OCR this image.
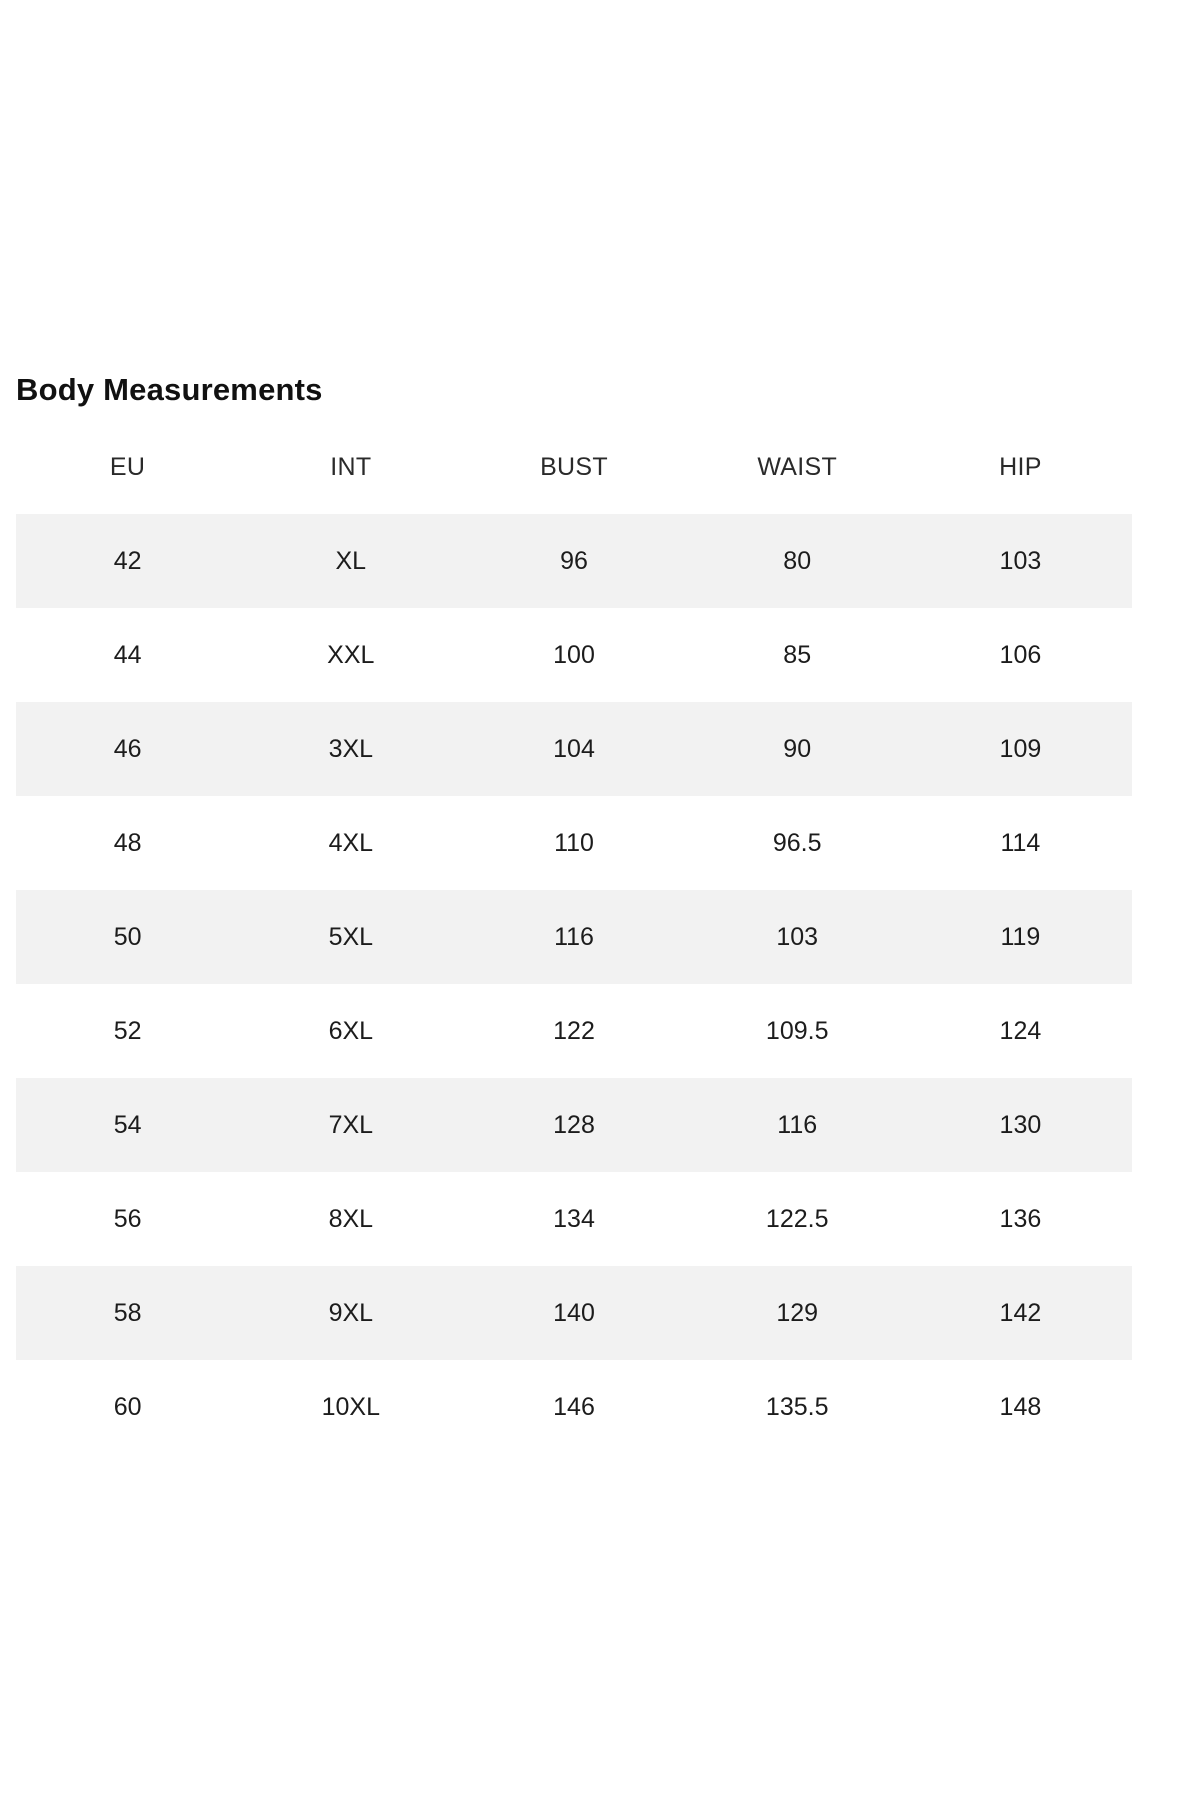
Body Measurements
EU	INT	BUST	WAIST	HIP
42	XL	96	80	103
44	XXL	100	85	106
46	3XL	104	90	109
48	4XL	110	96.5	114
50	5XL	116	103	119
52	6XL	122	109.5	124
54	7XL	128	116	130
56	8XL	134	122.5	136
58	9XL	140	129	142
60	10XL	146	135.5	148
